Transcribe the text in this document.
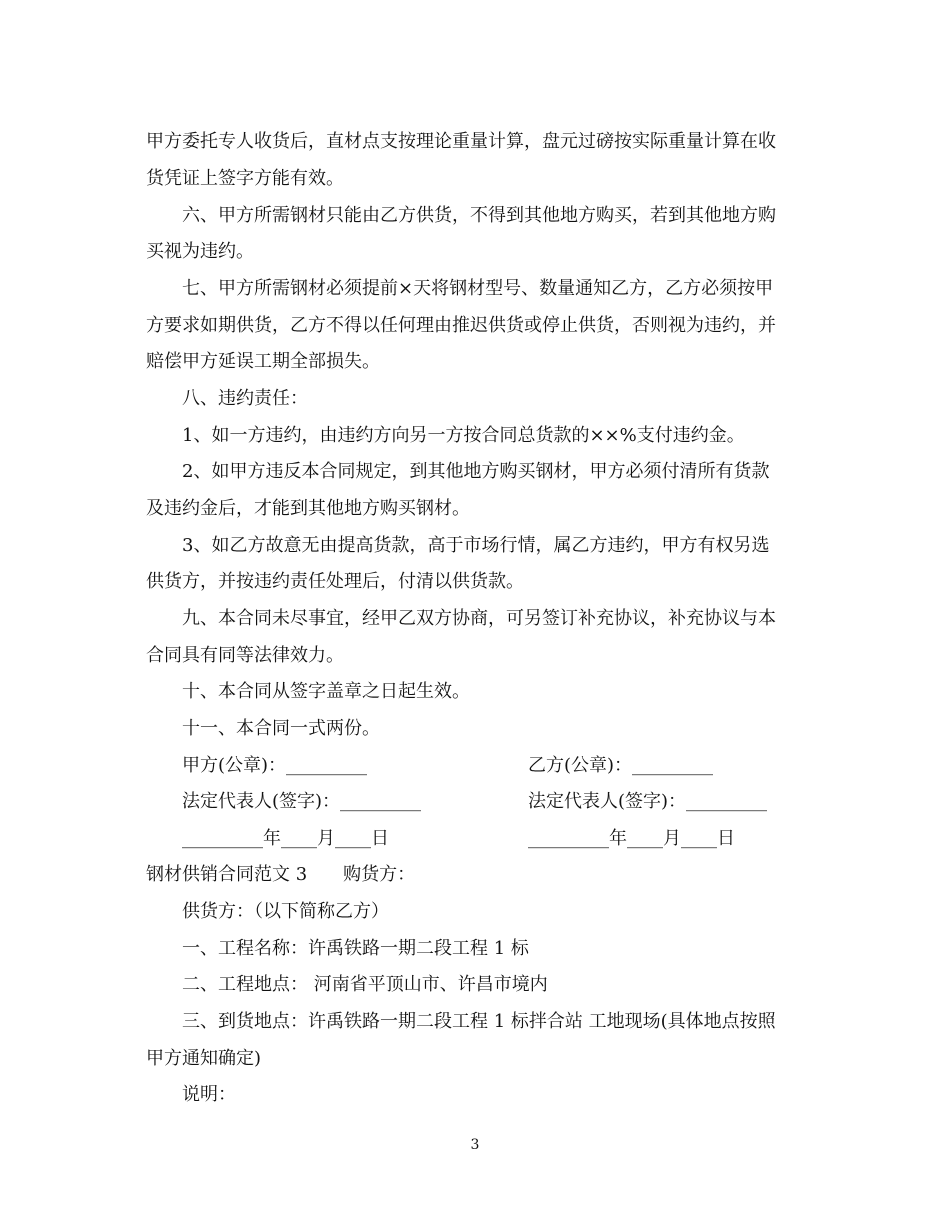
甲方委托专人收货后，直材点支按理论重量计算，盘元过磅按实际重量计算在收
货凭证上签字方能有效。
六、甲方所需钢材只能由乙方供货，不得到其他地方购买，若到其他地方购
买视为违约。
七、甲方所需钢材必须提前×天将钢材型号、数量通知乙方，乙方必须按甲
方要求如期供货，乙方不得以任何理由推迟供货或停止供货，否则视为违约，并
赔偿甲方延误工期全部损失。
八、违约责任：
1、如一方违约，由违约方向另一方按合同总货款的××%支付违约金。
2、如甲方违反本合同规定，到其他地方购买钢材，甲方必须付清所有货款
及违约金后，才能到其他地方购买钢材。
3、如乙方故意无由提高货款，高于市场行情，属乙方违约，甲方有权另选
供货方，并按违约责任处理后，付清以供货款。
九、本合同未尽事宜，经甲乙双方协商，可另签订补充协议，补充协议与本
合同具有同等法律效力。
十、本合同从签字盖章之日起生效。
十一、本合同一式两份。
甲方(公章)：_________	乙方(公章)：_________
法定代表人(签字)：_________	法定代表人(签字)：_________
_________年____月____日	_________年____月____日
钢材供销合同范文 3　　购货方：
供货方：（以下简称乙方）
一、工程名称：许禹铁路一期二段工程 1 标
二、工程地点： 河南省平顶山市、许昌市境内
三、到货地点：许禹铁路一期二段工程 1 标拌合站 工地现场(具体地点按照
甲方通知确定)
说明：
3
